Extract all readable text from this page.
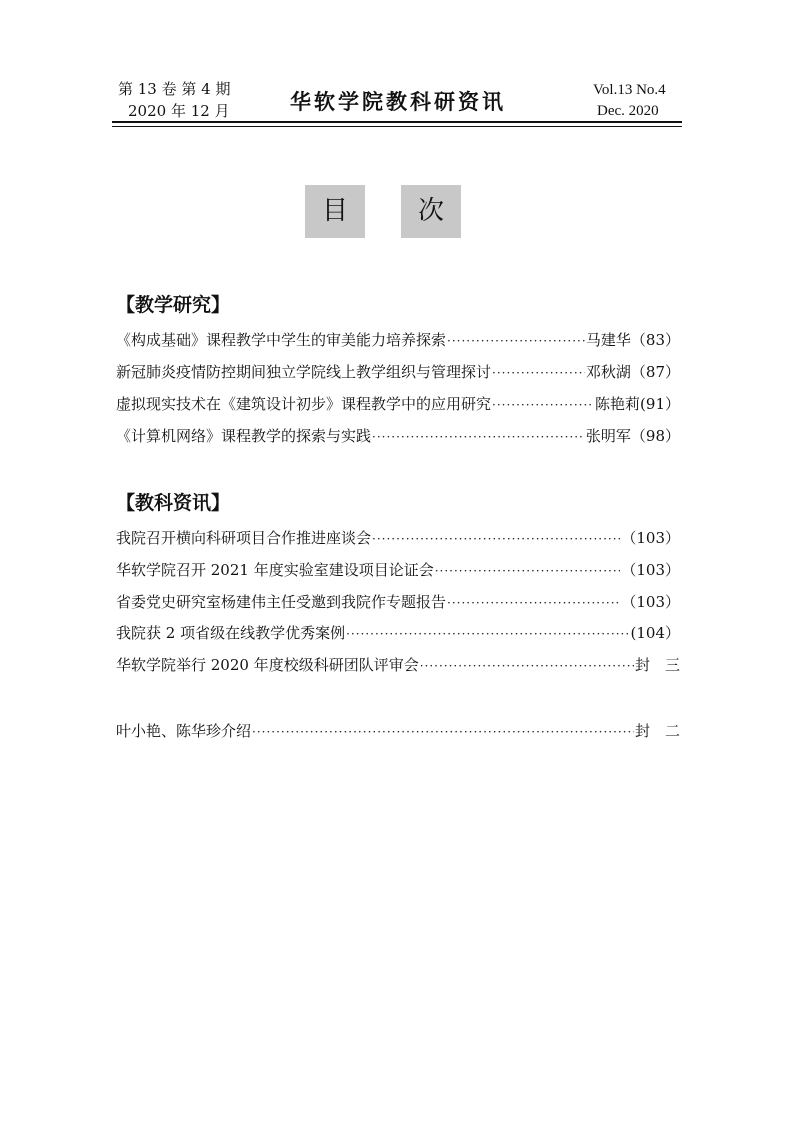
第 13 卷 第 4 期
2020 年 12 月	华软学院教科研资讯	Vol.13 No.4
Dec. 2020
目	次
【教学研究】
《构成基础》课程教学中学生的审美能力培养探索 ·····	马建华 （83）
新冠肺炎疫情防控期间独立学院线上教学组织与管理探讨 ·····	邓秋湖 （87）
虚拟现实技术在《建筑设计初步》课程教学中的应用研究 ·····	陈艳莉 (91）
《计算机网络》课程教学的探索与实践 ·····	张明军 （98）
【教科资讯】
我院召开横向科研项目合作推进座谈会 ·····	（103）
华软学院召开 2021 年度实验室建设项目论证会 ·····	（103）
省委党史研究室杨建伟主任受邀到我院作专题报告 ·····	（103）
我院获 2 项省级在线教学优秀案例 ·····	(104）
华软学院举行 2020 年度校级科研团队评审会 ·····	封　三
叶小艳、陈华珍介绍 ·····	封　二
